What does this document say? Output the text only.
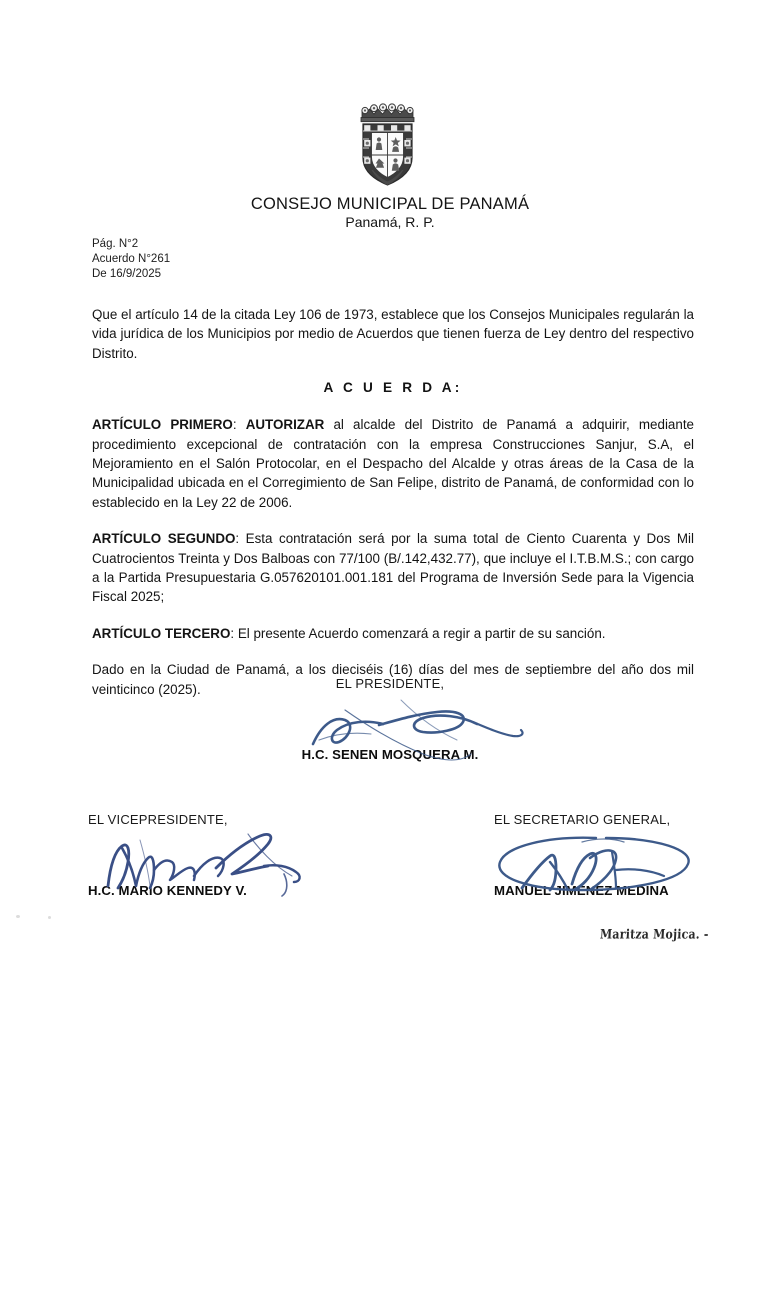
CONSEJO MUNICIPAL DE PANAMÁ
Panamá, R. P.
Pág. N°2
Acuerdo N°261
De 16/9/2025

Que el artículo 14 de la citada Ley 106 de 1973, establece que los Consejos Municipales regularán la vida jurídica de los Municipios por medio de Acuerdos que tienen fuerza de Ley dentro del respectivo Distrito.

A C U E R D A:

ARTÍCULO PRIMERO: AUTORIZAR al alcalde del Distrito de Panamá a adquirir, mediante procedimiento excepcional de contratación con la empresa Construcciones Sanjur, S.A, el Mejoramiento en el Salón Protocolar, en el Despacho del Alcalde y otras áreas de la Casa de la Municipalidad ubicada en el Corregimiento de San Felipe, distrito de Panamá, de conformidad con lo establecido en la Ley 22 de 2006.

ARTÍCULO SEGUNDO: Esta contratación será por la suma total de Ciento Cuarenta y Dos Mil Cuatrocientos Treinta y Dos Balboas con 77/100 (B/.142,432.77), que incluye el I.T.B.M.S.; con cargo a la Partida Presupuestaria G.057620101.001.181 del Programa de Inversión Sede para la Vigencia Fiscal 2025;

ARTÍCULO TERCERO: El presente Acuerdo comenzará a regir a partir de su sanción.

Dado en la Ciudad de Panamá, a los dieciséis (16) días del mes de septiembre del año dos mil veinticinco (2025).	EL PRESIDENTE,
H.C. SENEN MOSQUERA M.
EL VICEPRESIDENTE,
H.C. MARIO KENNEDY V.
EL SECRETARIO GENERAL,
MANUEL JIMÉNEZ MEDINA
Maritza Mojica. -
